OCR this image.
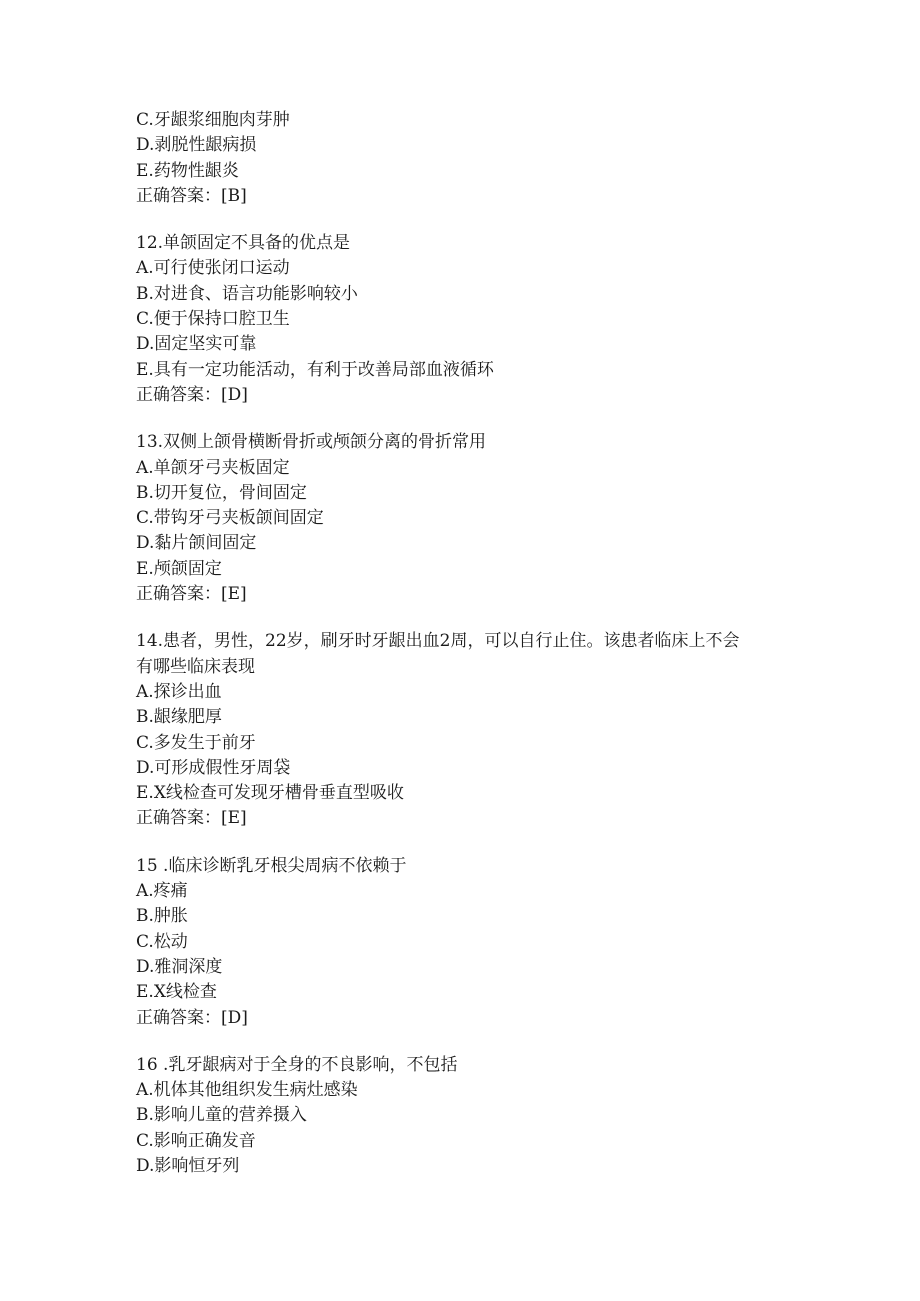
C.牙龈浆细胞肉芽肿
D.剥脱性龈病损
E.药物性龈炎
正确答案：[B]
12.单颌固定不具备的优点是
A.可行使张闭口运动
B.对进食、语言功能影响较小
C.便于保持口腔卫生
D.固定坚实可靠
E.具有一定功能活动，有利于改善局部血液循环
正确答案：[D]
13.双侧上颌骨横断骨折或颅颌分离的骨折常用
A.单颌牙弓夹板固定
B.切开复位，骨间固定
C.带钩牙弓夹板颌间固定
D.黏片颌间固定
E.颅颌固定
正确答案：[E]
14.患者，男性，22岁，刷牙时牙龈出血2周，可以自行止住。该患者临床上不会
有哪些临床表现
A.探诊出血
B.龈缘肥厚
C.多发生于前牙
D.可形成假性牙周袋
E.X线检查可发现牙槽骨垂直型吸收
正确答案：[E]
15 .临床诊断乳牙根尖周病不依赖于
A.疼痛
B.肿胀
C.松动
D.雅洞深度
E.X线检查
正确答案：[D]
16 .乳牙龈病对于全身的不良影响，不包括
A.机体其他组织发生病灶感染
B.影响儿童的营养摄入
C.影响正确发音
D.影响恒牙列
